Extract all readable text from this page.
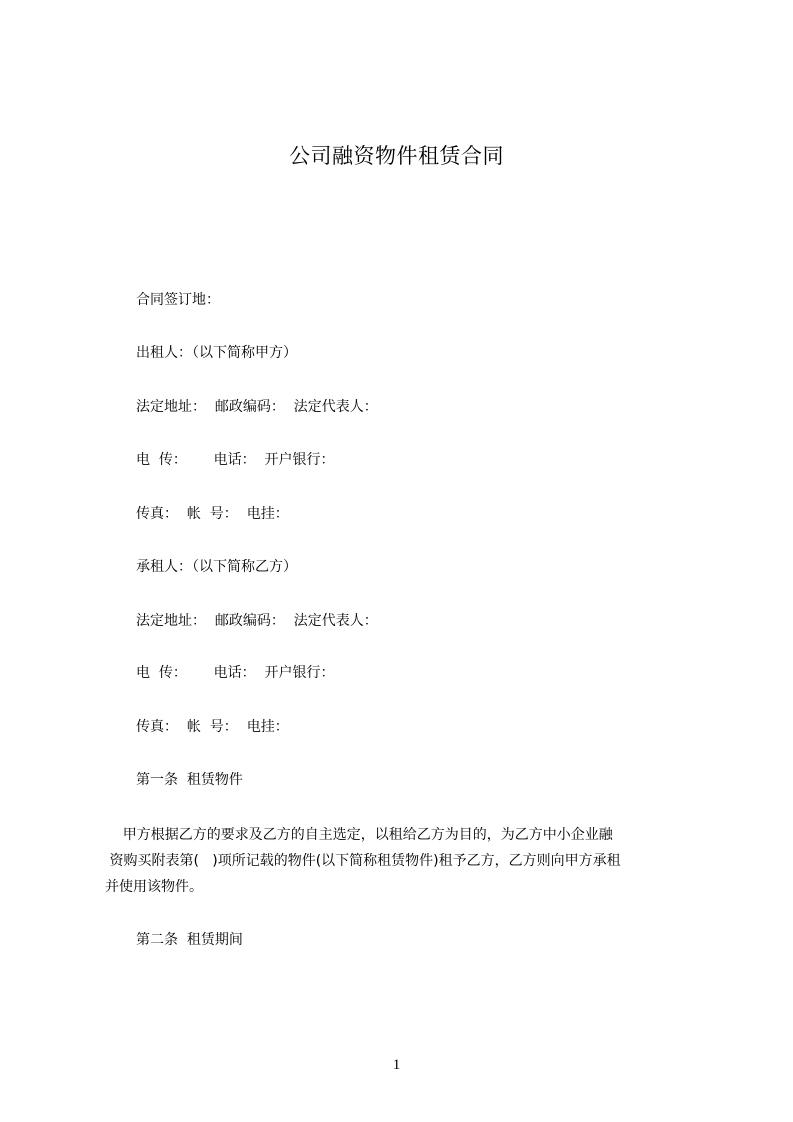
公司融资物件租赁合同
合同签订地：
出租人：（以下简称甲方）
法定地址：  邮政编码：  法定代表人：
电  传：      电话：  开户银行：
传真：  帐  号：  电挂：
承租人：（以下简称乙方）
法定地址：  邮政编码：  法定代表人：
电  传：      电话：  开户银行：
传真：  帐  号：  电挂：
第一条  租赁物件
甲方根据乙方的要求及乙方的自主选定，以租给乙方为目的，为乙方中小企业融
资购买附表第(   )项所记载的物件(以下简称租赁物件)租予乙方，乙方则向甲方承租
并使用该物件。
第二条  租赁期间
1
